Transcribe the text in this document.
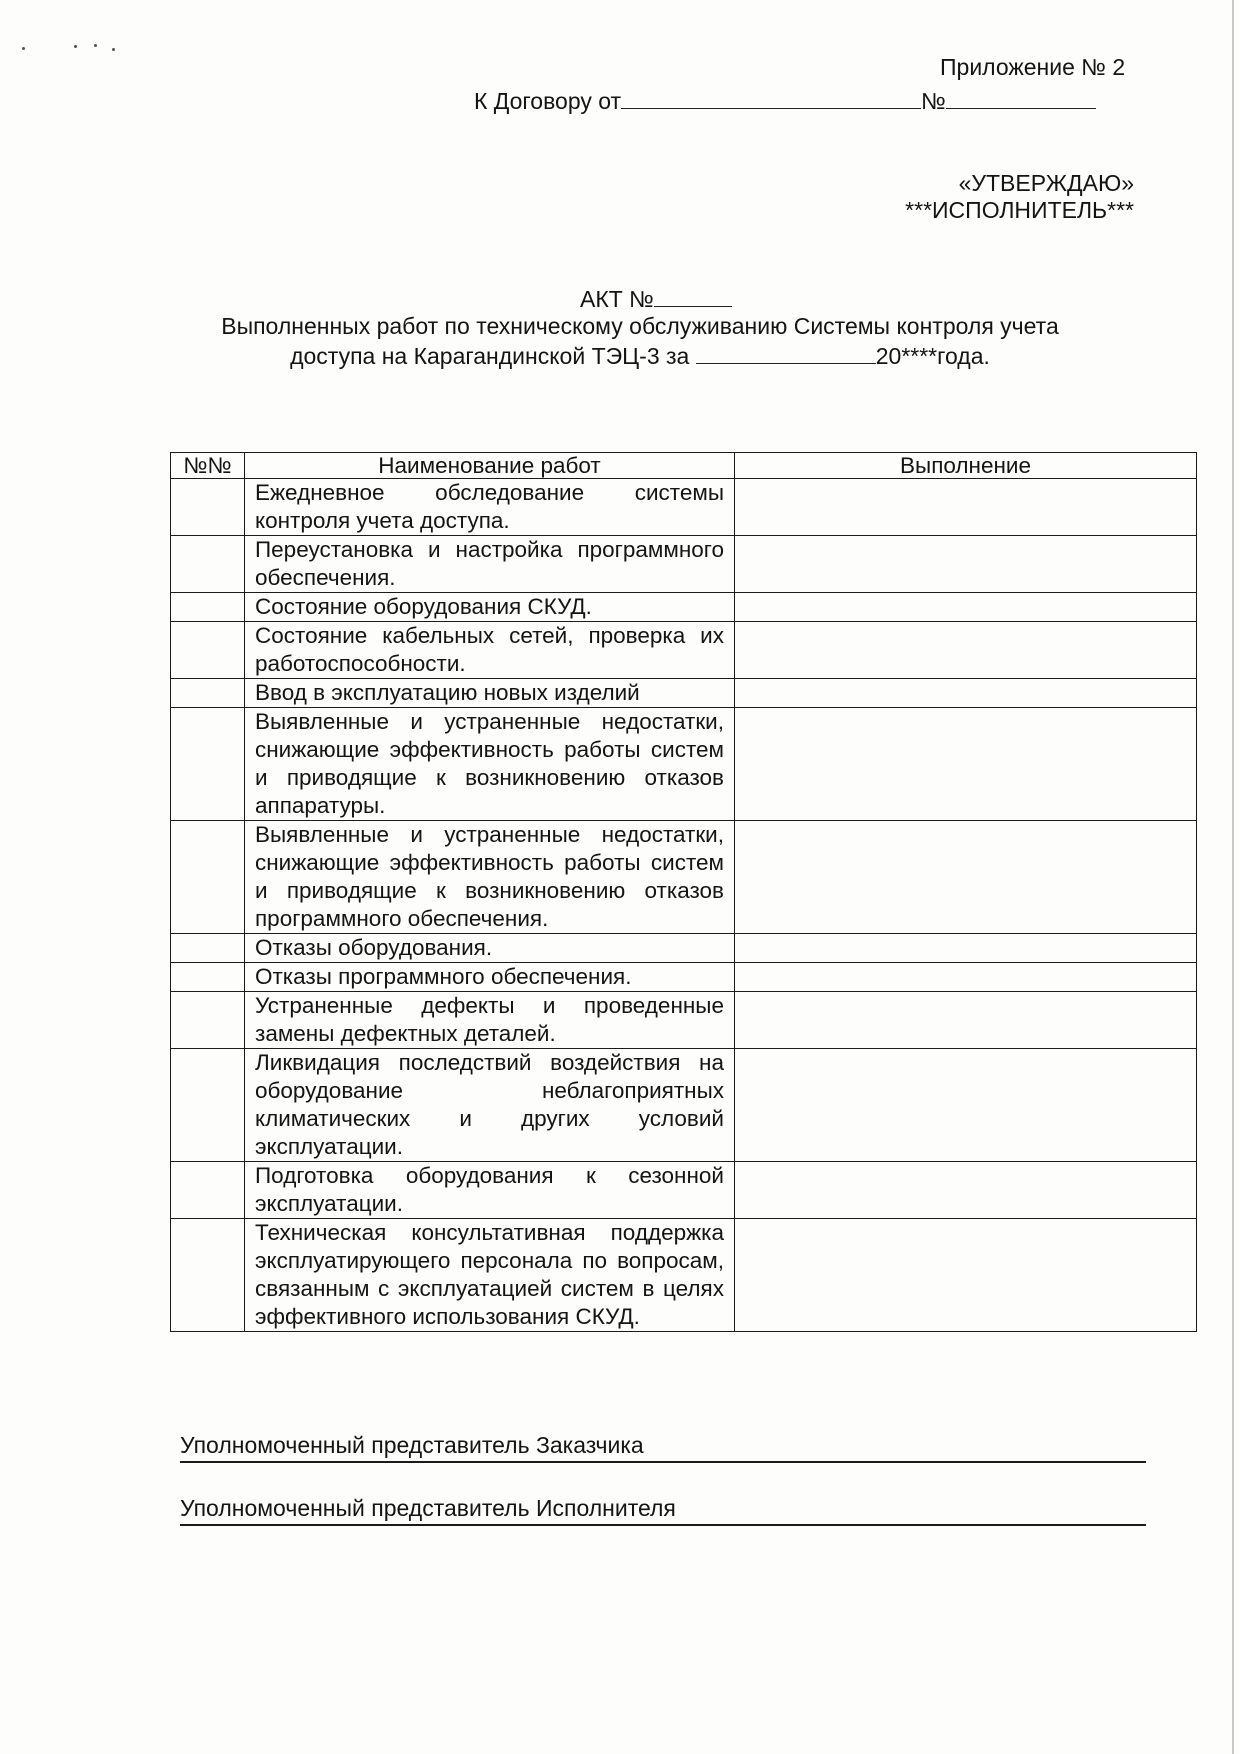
Приложение № 2
К Договору от	№
«УТВЕРЖДАЮ»
***ИСПОЛНИТЕЛЬ***
АКТ №
Выполненных работ по техническому обслуживанию Системы контроля учета
доступа на Карагандинской ТЭЦ-3 за	20****года.
№№	Наименование работ	Выполнение
	Ежедневное обследование системы контроля учета доступа.	
	Переустановка и настройка программного обеспечения.	
	Состояние оборудования СКУД.	
	Состояние кабельных сетей, проверка их работоспособности.	
	Ввод в эксплуатацию новых изделий	
	Выявленные и устраненные недостатки, снижающие эффективность работы систем и приводящие к возникновению отказов аппаратуры.	
	Выявленные и устраненные недостатки, снижающие эффективность работы систем и приводящие к возникновению отказов программного обеспечения.	
	Отказы оборудования.	
	Отказы программного обеспечения.	
	Устраненные дефекты и проведенные замены дефектных деталей.	
	Ликвидация последствий воздействия на оборудование неблагоприятных климатических и других условий эксплуатации.	
	Подготовка оборудования к сезонной эксплуатации.	
	Техническая консультативная поддержка эксплуатирующего персонала по вопросам, связанным с эксплуатацией систем в целях эффективного использования СКУД.	
Уполномоченный представитель Заказчика
Уполномоченный представитель Исполнителя
